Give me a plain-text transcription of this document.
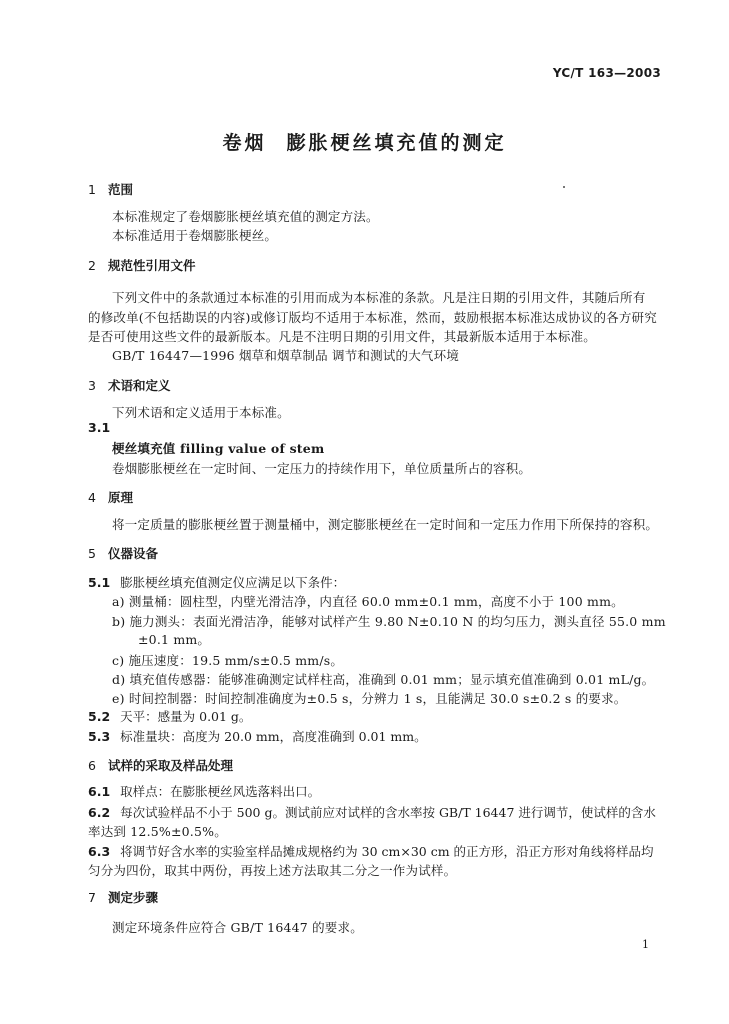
YC/T 163—2003
卷烟 膨胀梗丝填充值的测定
1 范围
本标准规定了卷烟膨胀梗丝填充值的测定方法。
本标准适用于卷烟膨胀梗丝。
2 规范性引用文件
下列文件中的条款通过本标准的引用而成为本标准的条款。凡是注日期的引用文件，其随后所有
的修改单(不包括勘误的内容)或修订版均不适用于本标准，然而，鼓励根据本标准达成协议的各方研究
是否可使用这些文件的最新版本。凡是不注明日期的引用文件，其最新版本适用于本标准。
GB/T 16447—1996 烟草和烟草制品 调节和测试的大气环境
3 术语和定义
下列术语和定义适用于本标准。
3.1
梗丝填充值 filling value of stem
卷烟膨胀梗丝在一定时间、一定压力的持续作用下，单位质量所占的容积。
4 原理
将一定质量的膨胀梗丝置于测量桶中，测定膨胀梗丝在一定时间和一定压力作用下所保持的容积。
5 仪器设备
5.1 膨胀梗丝填充值测定仪应满足以下条件：
a) 测量桶：圆柱型，内壁光滑洁净，内直径 60.0 mm±0.1 mm，高度不小于 100 mm。
b) 施力测头：表面光滑洁净，能够对试样产生 9.80 N±0.10 N 的均匀压力，测头直径 55.0 mm
±0.1 mm。
c) 施压速度：19.5 mm/s±0.5 mm/s。
d) 填充值传感器：能够准确测定试样柱高，准确到 0.01 mm；显示填充值准确到 0.01 mL/g。
e) 时间控制器：时间控制准确度为±0.5 s，分辨力 1 s，且能满足 30.0 s±0.2 s 的要求。
5.2 天平：感量为 0.01 g。
5.3 标准量块：高度为 20.0 mm，高度准确到 0.01 mm。
6 试样的采取及样品处理
6.1 取样点：在膨胀梗丝风选落料出口。
6.2 每次试验样品不小于 500 g。测试前应对试样的含水率按 GB/T 16447 进行调节，使试样的含水
率达到 12.5%±0.5%。
6.3 将调节好含水率的实验室样品摊成规格约为 30 cm×30 cm 的正方形，沿正方形对角线将样品均
匀分为四份，取其中两份，再按上述方法取其二分之一作为试样。
7 测定步骤
测定环境条件应符合 GB/T 16447 的要求。
1
